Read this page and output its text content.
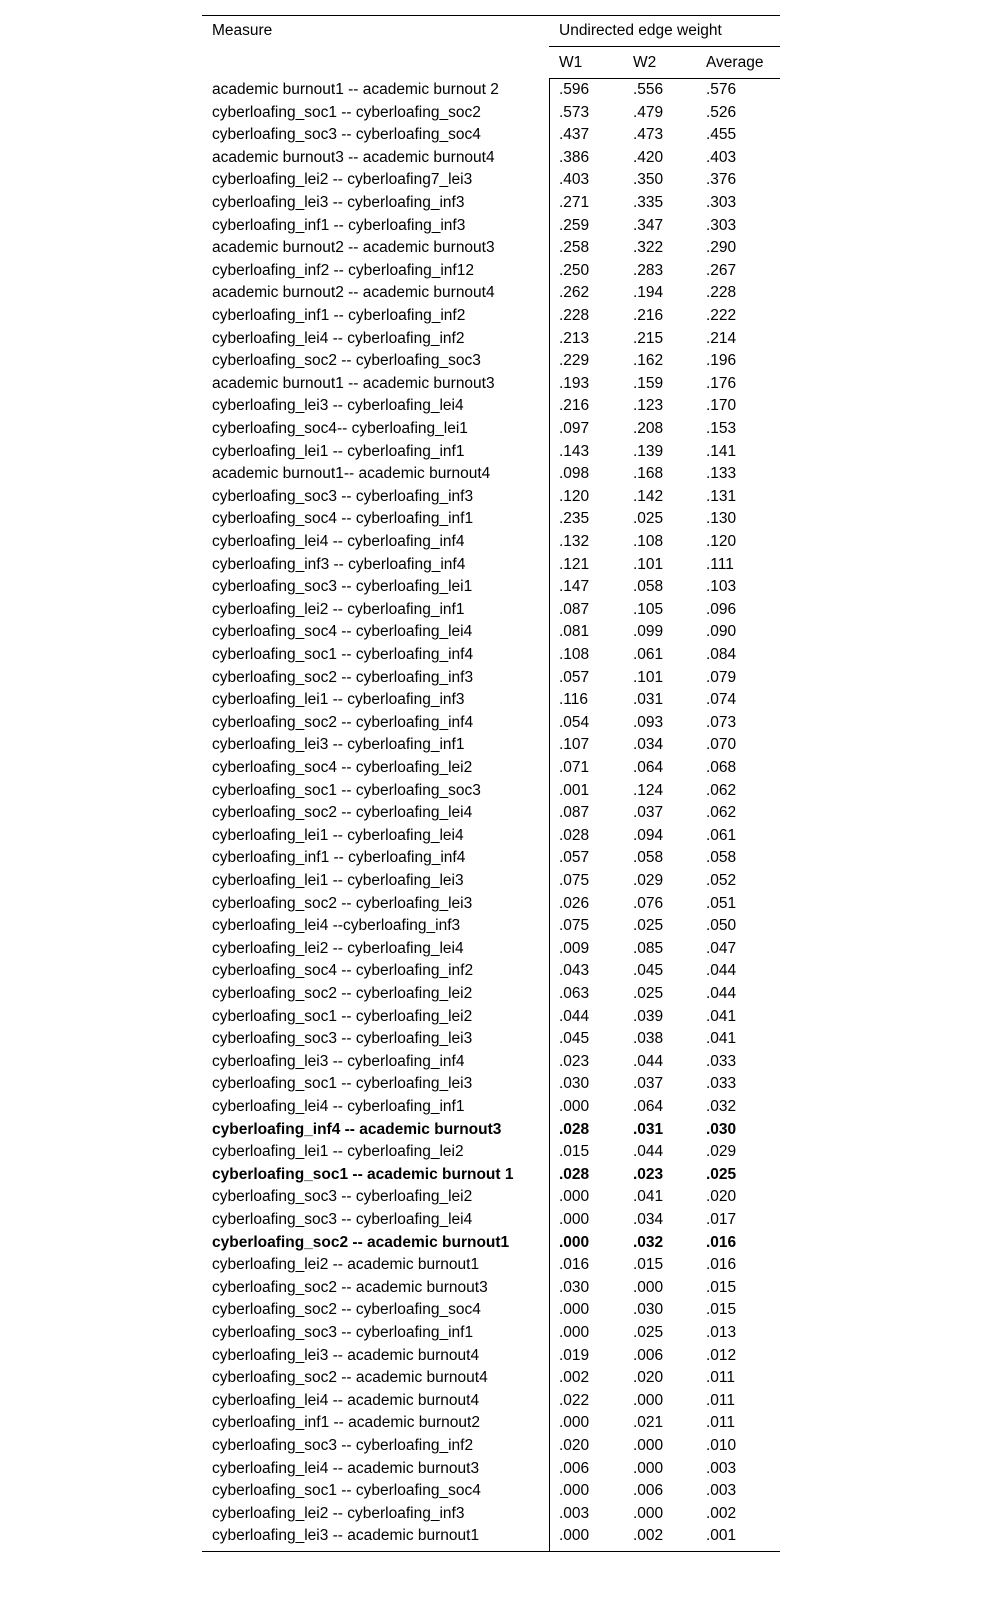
Measure	Undirected edge weight
W1	W2	Average
academic burnout1 -- academic burnout 2	.596	.556	.576
cyberloafing_soc1 -- cyberloafing_soc2	.573	.479	.526
cyberloafing_soc3 -- cyberloafing_soc4	.437	.473	.455
academic burnout3 -- academic burnout4	.386	.420	.403
cyberloafing_lei2 -- cyberloafing7_lei3	.403	.350	.376
cyberloafing_lei3 -- cyberloafing_inf3	.271	.335	.303
cyberloafing_inf1 -- cyberloafing_inf3	.259	.347	.303
academic burnout2 -- academic burnout3	.258	.322	.290
cyberloafing_inf2 -- cyberloafing_inf12	.250	.283	.267
academic burnout2 -- academic burnout4	.262	.194	.228
cyberloafing_inf1 -- cyberloafing_inf2	.228	.216	.222
cyberloafing_lei4 -- cyberloafing_inf2	.213	.215	.214
cyberloafing_soc2 -- cyberloafing_soc3	.229	.162	.196
academic burnout1 -- academic burnout3	.193	.159	.176
cyberloafing_lei3 -- cyberloafing_lei4	.216	.123	.170
cyberloafing_soc4-- cyberloafing_lei1	.097	.208	.153
cyberloafing_lei1 -- cyberloafing_inf1	.143	.139	.141
academic burnout1-- academic burnout4	.098	.168	.133
cyberloafing_soc3 -- cyberloafing_inf3	.120	.142	.131
cyberloafing_soc4 -- cyberloafing_inf1	.235	.025	.130
cyberloafing_lei4 -- cyberloafing_inf4	.132	.108	.120
cyberloafing_inf3 -- cyberloafing_inf4	.121	.101	.111
cyberloafing_soc3 -- cyberloafing_lei1	.147	.058	.103
cyberloafing_lei2 -- cyberloafing_inf1	.087	.105	.096
cyberloafing_soc4 -- cyberloafing_lei4	.081	.099	.090
cyberloafing_soc1 -- cyberloafing_inf4	.108	.061	.084
cyberloafing_soc2 -- cyberloafing_inf3	.057	.101	.079
cyberloafing_lei1 -- cyberloafing_inf3	.116	.031	.074
cyberloafing_soc2 -- cyberloafing_inf4	.054	.093	.073
cyberloafing_lei3 -- cyberloafing_inf1	.107	.034	.070
cyberloafing_soc4 -- cyberloafing_lei2	.071	.064	.068
cyberloafing_soc1 -- cyberloafing_soc3	.001	.124	.062
cyberloafing_soc2 -- cyberloafing_lei4	.087	.037	.062
cyberloafing_lei1 -- cyberloafing_lei4	.028	.094	.061
cyberloafing_inf1 -- cyberloafing_inf4	.057	.058	.058
cyberloafing_lei1 -- cyberloafing_lei3	.075	.029	.052
cyberloafing_soc2 -- cyberloafing_lei3	.026	.076	.051
cyberloafing_lei4 --cyberloafing_inf3	.075	.025	.050
cyberloafing_lei2 -- cyberloafing_lei4	.009	.085	.047
cyberloafing_soc4 -- cyberloafing_inf2	.043	.045	.044
cyberloafing_soc2 -- cyberloafing_lei2	.063	.025	.044
cyberloafing_soc1 -- cyberloafing_lei2	.044	.039	.041
cyberloafing_soc3 -- cyberloafing_lei3	.045	.038	.041
cyberloafing_lei3 -- cyberloafing_inf4	.023	.044	.033
cyberloafing_soc1 -- cyberloafing_lei3	.030	.037	.033
cyberloafing_lei4 -- cyberloafing_inf1	.000	.064	.032
cyberloafing_inf4 -- academic burnout3	.028	.031	.030
cyberloafing_lei1 -- cyberloafing_lei2	.015	.044	.029
cyberloafing_soc1 -- academic burnout 1	.028	.023	.025
cyberloafing_soc3 -- cyberloafing_lei2	.000	.041	.020
cyberloafing_soc3 -- cyberloafing_lei4	.000	.034	.017
cyberloafing_soc2 -- academic burnout1	.000	.032	.016
cyberloafing_lei2 -- academic burnout1	.016	.015	.016
cyberloafing_soc2 -- academic burnout3	.030	.000	.015
cyberloafing_soc2 -- cyberloafing_soc4	.000	.030	.015
cyberloafing_soc3 -- cyberloafing_inf1	.000	.025	.013
cyberloafing_lei3 -- academic burnout4	.019	.006	.012
cyberloafing_soc2 -- academic burnout4	.002	.020	.011
cyberloafing_lei4 -- academic burnout4	.022	.000	.011
cyberloafing_inf1 -- academic burnout2	.000	.021	.011
cyberloafing_soc3 -- cyberloafing_inf2	.020	.000	.010
cyberloafing_lei4 -- academic burnout3	.006	.000	.003
cyberloafing_soc1 -- cyberloafing_soc4	.000	.006	.003
cyberloafing_lei2 -- cyberloafing_inf3	.003	.000	.002
cyberloafing_lei3 -- academic burnout1	.000	.002	.001
